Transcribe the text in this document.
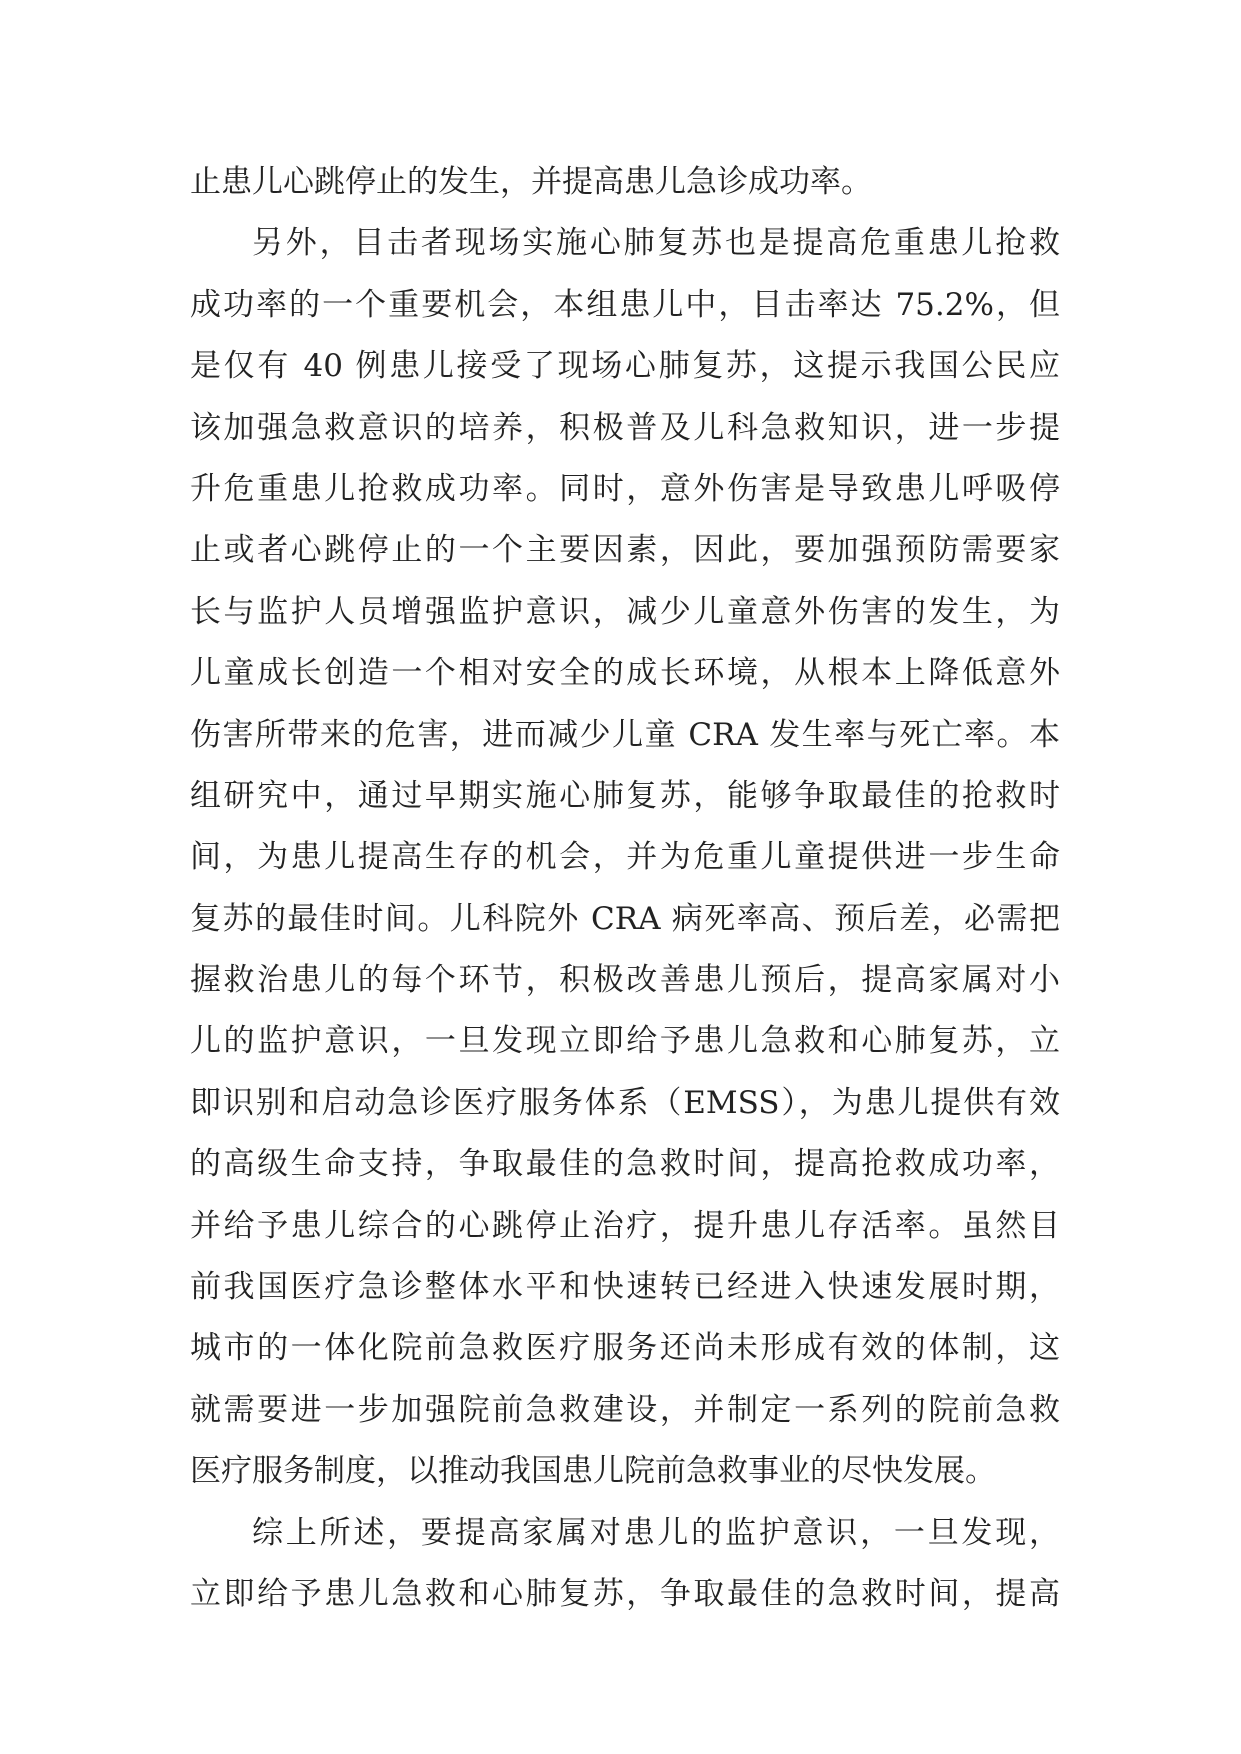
止患儿心跳停止的发生，并提高患儿急诊成功率。
另外，目击者现场实施心肺复苏也是提高危重患儿抢救
成功率的一个重要机会，本组患儿中，目击率达 75.2%，但
是仅有 40 例患儿接受了现场心肺复苏，这提示我国公民应
该加强急救意识的培养，积极普及儿科急救知识，进一步提
升危重患儿抢救成功率。同时，意外伤害是导致患儿呼吸停
止或者心跳停止的一个主要因素，因此，要加强预防需要家
长与监护人员增强监护意识，减少儿童意外伤害的发生，为
儿童成长创造一个相对安全的成长环境，从根本上降低意外
伤害所带来的危害，进而减少儿童 CRA 发生率与死亡率。本
组研究中，通过早期实施心肺复苏，能够争取最佳的抢救时
间，为患儿提高生存的机会，并为危重儿童提供进一步生命
复苏的最佳时间。儿科院外 CRA 病死率高、预后差，必需把
握救治患儿的每个环节，积极改善患儿预后，提高家属对小
儿的监护意识，一旦发现立即给予患儿急救和心肺复苏，立
即识别和启动急诊医疗服务体系（EMSS），为患儿提供有效
的高级生命支持，争取最佳的急救时间，提高抢救成功率，
并给予患儿综合的心跳停止治疗，提升患儿存活率。虽然目
前我国医疗急诊整体水平和快速转已经进入快速发展时期，
城市的一体化院前急救医疗服务还尚未形成有效的体制，这
就需要进一步加强院前急救建设，并制定一系列的院前急救
医疗服务制度，以推动我国患儿院前急救事业的尽快发展。
综上所述，要提高家属对患儿的监护意识，一旦发现，
立即给予患儿急救和心肺复苏，争取最佳的急救时间，提高
